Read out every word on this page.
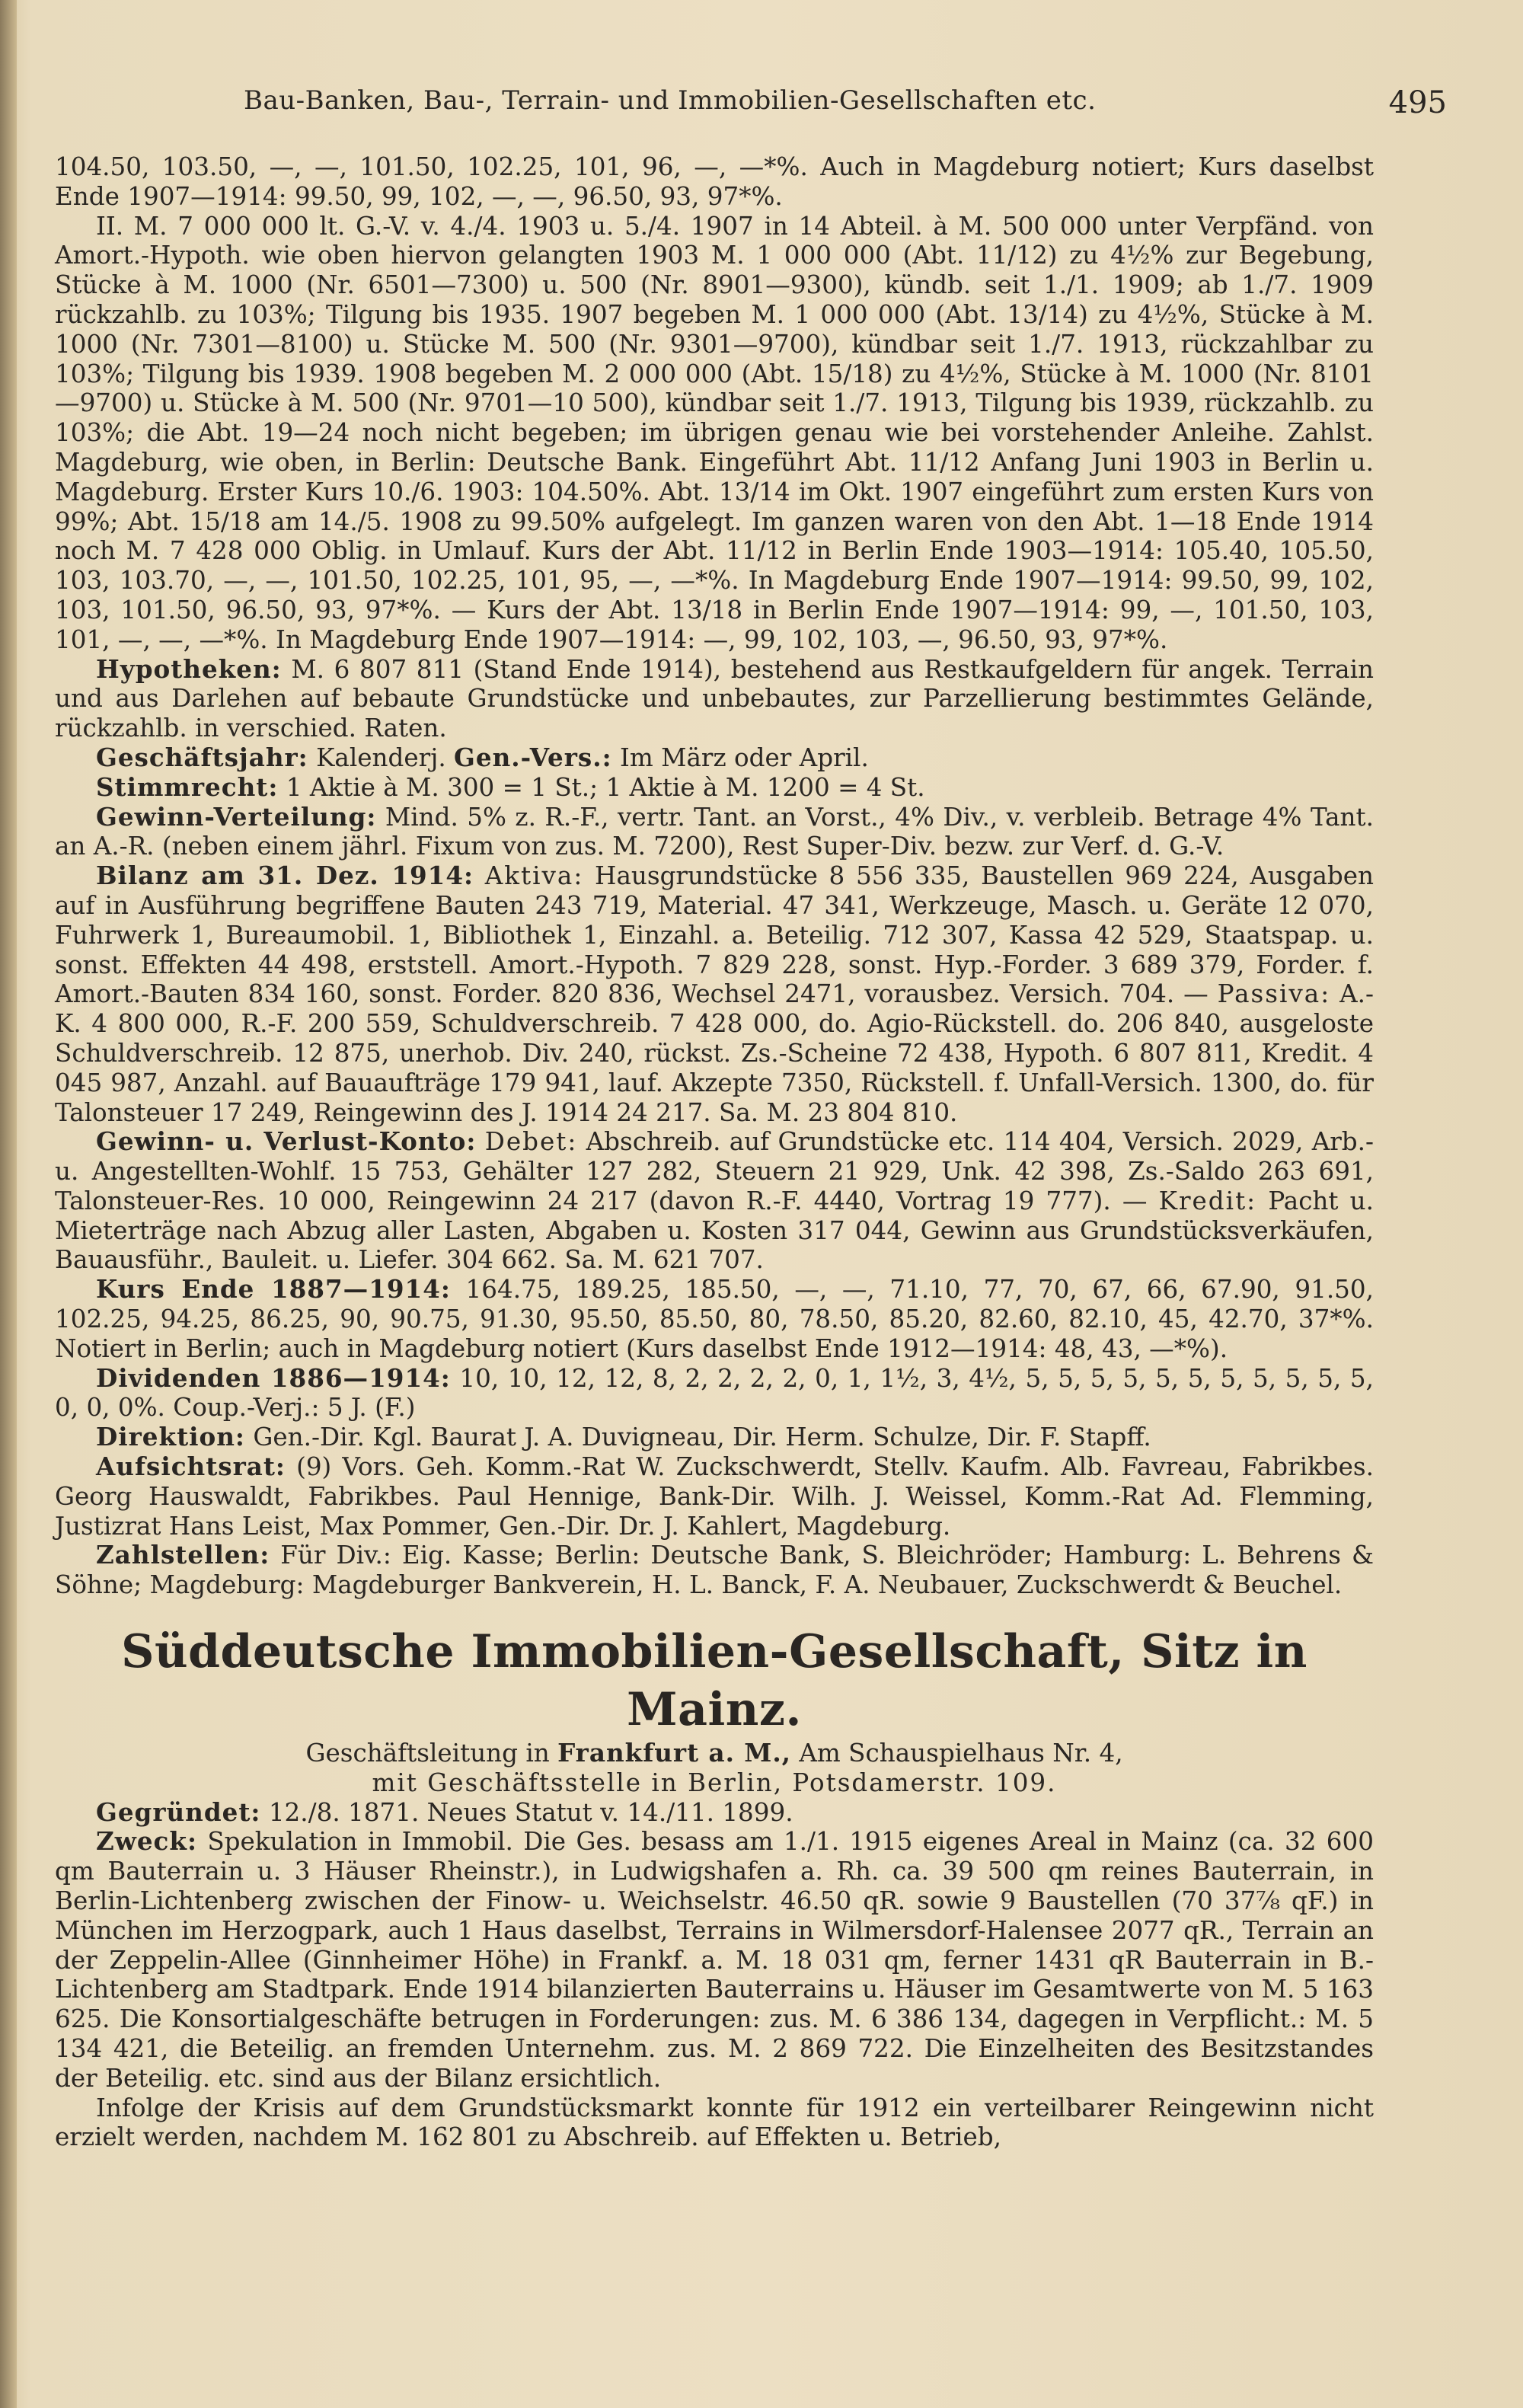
Bau-Banken, Bau-, Terrain- und Immobilien-Gesellschaften etc.	495

104.50, 103.50, —, —, 101.50, 102.25, 101, 96, —, —*%. Auch in Magdeburg notiert; Kurs daselbst Ende 1907—1914: 99.50, 99, 102, —, —, 96.50, 93, 97*%.

II. M. 7 000 000 lt. G.-V. v. 4./4. 1903 u. 5./4. 1907 in 14 Abteil. à M. 500 000 unter Verpfänd. von Amort.-Hypoth. wie oben hiervon gelangten 1903 M. 1 000 000 (Abt. 11/12) zu 4½% zur Begebung, Stücke à M. 1000 (Nr. 6501—7300) u. 500 (Nr. 8901—9300), kündb. seit 1./1. 1909; ab 1./7. 1909 rückzahlb. zu 103%; Tilgung bis 1935. 1907 begeben M. 1 000 000 (Abt. 13/14) zu 4½%, Stücke à M. 1000 (Nr. 7301—8100) u. Stücke M. 500 (Nr. 9301—9700), kündbar seit 1./7. 1913, rückzahlbar zu 103%; Tilgung bis 1939. 1908 begeben M. 2 000 000 (Abt. 15/18) zu 4½%, Stücke à M. 1000 (Nr. 8101—9700) u. Stücke à M. 500 (Nr. 9701—10 500), kündbar seit 1./7. 1913, Tilgung bis 1939, rückzahlb. zu 103%; die Abt. 19—24 noch nicht begeben; im übrigen genau wie bei vorstehender Anleihe. Zahlst. Magdeburg, wie oben, in Berlin: Deutsche Bank. Eingeführt Abt. 11/12 Anfang Juni 1903 in Berlin u. Magdeburg. Erster Kurs 10./6. 1903: 104.50%. Abt. 13/14 im Okt. 1907 eingeführt zum ersten Kurs von 99%; Abt. 15/18 am 14./5. 1908 zu 99.50% aufgelegt. Im ganzen waren von den Abt. 1—18 Ende 1914 noch M. 7 428 000 Oblig. in Umlauf. Kurs der Abt. 11/12 in Berlin Ende 1903—1914: 105.40, 105.50, 103, 103.70, —, —, 101.50, 102.25, 101, 95, —, —*%. In Magdeburg Ende 1907—1914: 99.50, 99, 102, 103, 101.50, 96.50, 93, 97*%. — Kurs der Abt. 13/18 in Berlin Ende 1907—1914: 99, —, 101.50, 103, 101, —, —, —*%. In Magdeburg Ende 1907—1914: —, 99, 102, 103, —, 96.50, 93, 97*%.

Hypotheken: M. 6 807 811 (Stand Ende 1914), bestehend aus Restkaufgeldern für angek. Terrain und aus Darlehen auf bebaute Grundstücke und unbebautes, zur Parzellierung bestimmtes Gelände, rückzahlb. in verschied. Raten.

Geschäftsjahr: Kalenderj. Gen.-Vers.: Im März oder April.

Stimmrecht: 1 Aktie à M. 300 = 1 St.; 1 Aktie à M. 1200 = 4 St.

Gewinn-Verteilung: Mind. 5% z. R.-F., vertr. Tant. an Vorst., 4% Div., v. verbleib. Betrage 4% Tant. an A.-R. (neben einem jährl. Fixum von zus. M. 7200), Rest Super-Div. bezw. zur Verf. d. G.-V.

Bilanz am 31. Dez. 1914: Aktiva: Hausgrundstücke 8 556 335, Baustellen 969 224, Ausgaben auf in Ausführung begriffene Bauten 243 719, Material. 47 341, Werkzeuge, Masch. u. Geräte 12 070, Fuhrwerk 1, Bureaumobil. 1, Bibliothek 1, Einzahl. a. Beteilig. 712 307, Kassa 42 529, Staatspap. u. sonst. Effekten 44 498, erststell. Amort.-Hypoth. 7 829 228, sonst. Hyp.-Forder. 3 689 379, Forder. f. Amort.-Bauten 834 160, sonst. Forder. 820 836, Wechsel 2471, vorausbez. Versich. 704. — Passiva: A.-K. 4 800 000, R.-F. 200 559, Schuldverschreib. 7 428 000, do. Agio-Rückstell. do. 206 840, ausgeloste Schuldverschreib. 12 875, unerhob. Div. 240, rückst. Zs.-Scheine 72 438, Hypoth. 6 807 811, Kredit. 4 045 987, Anzahl. auf Bauaufträge 179 941, lauf. Akzepte 7350, Rückstell. f. Unfall-Versich. 1300, do. für Talonsteuer 17 249, Reingewinn des J. 1914 24 217. Sa. M. 23 804 810.

Gewinn- u. Verlust-Konto: Debet: Abschreib. auf Grundstücke etc. 114 404, Versich. 2029, Arb.- u. Angestellten-Wohlf. 15 753, Gehälter 127 282, Steuern 21 929, Unk. 42 398, Zs.-Saldo 263 691, Talonsteuer-Res. 10 000, Reingewinn 24 217 (davon R.-F. 4440, Vortrag 19 777). — Kredit: Pacht u. Mieterträge nach Abzug aller Lasten, Abgaben u. Kosten 317 044, Gewinn aus Grundstücksverkäufen, Bauausführ., Bauleit. u. Liefer. 304 662. Sa. M. 621 707.

Kurs Ende 1887—1914: 164.75, 189.25, 185.50, —, —, 71.10, 77, 70, 67, 66, 67.90, 91.50, 102.25, 94.25, 86.25, 90, 90.75, 91.30, 95.50, 85.50, 80, 78.50, 85.20, 82.60, 82.10, 45, 42.70, 37*%. Notiert in Berlin; auch in Magdeburg notiert (Kurs daselbst Ende 1912—1914: 48, 43, —*%).

Dividenden 1886—1914: 10, 10, 12, 12, 8, 2, 2, 2, 2, 0, 1, 1½, 3, 4½, 5, 5, 5, 5, 5, 5, 5, 5, 5, 5, 5, 0, 0, 0%. Coup.-Verj.: 5 J. (F.)

Direktion: Gen.-Dir. Kgl. Baurat J. A. Duvigneau, Dir. Herm. Schulze, Dir. F. Stapff.

Aufsichtsrat: (9) Vors. Geh. Komm.-Rat W. Zuckschwerdt, Stellv. Kaufm. Alb. Favreau, Fabrikbes. Georg Hauswaldt, Fabrikbes. Paul Hennige, Bank-Dir. Wilh. J. Weissel, Komm.-Rat Ad. Flemming, Justizrat Hans Leist, Max Pommer, Gen.-Dir. Dr. J. Kahlert, Magdeburg.

Zahlstellen: Für Div.: Eig. Kasse; Berlin: Deutsche Bank, S. Bleichröder; Hamburg: L. Behrens & Söhne; Magdeburg: Magdeburger Bankverein, H. L. Banck, F. A. Neubauer, Zuckschwerdt & Beuchel.

Süddeutsche Immobilien-Gesellschaft, Sitz in Mainz.

Geschäftsleitung in Frankfurt a. M., Am Schauspielhaus Nr. 4,

mit Geschäftsstelle in Berlin, Potsdamerstr. 109.

Gegründet: 12./8. 1871. Neues Statut v. 14./11. 1899.

Zweck: Spekulation in Immobil. Die Ges. besass am 1./1. 1915 eigenes Areal in Mainz (ca. 32 600 qm Bauterrain u. 3 Häuser Rheinstr.), in Ludwigshafen a. Rh. ca. 39 500 qm reines Bauterrain, in Berlin-Lichtenberg zwischen der Finow- u. Weichselstr. 46.50 qR. sowie 9 Baustellen (70 37⅞ qF.) in München im Herzogpark, auch 1 Haus daselbst, Terrains in Wilmersdorf-Halensee 2077 qR., Terrain an der Zeppelin-Allee (Ginnheimer Höhe) in Frankf. a. M. 18 031 qm, ferner 1431 qR Bauterrain in B.-Lichtenberg am Stadtpark. Ende 1914 bilanzierten Bauterrains u. Häuser im Gesamtwerte von M. 5 163 625. Die Konsortialgeschäfte betrugen in Forderungen: zus. M. 6 386 134, dagegen in Verpflicht.: M. 5 134 421, die Beteilig. an fremden Unternehm. zus. M. 2 869 722. Die Einzelheiten des Besitzstandes der Beteilig. etc. sind aus der Bilanz ersichtlich.

Infolge der Krisis auf dem Grundstücksmarkt konnte für 1912 ein verteilbarer Reingewinn nicht erzielt werden, nachdem M. 162 801 zu Abschreib. auf Effekten u. Betrieb,
